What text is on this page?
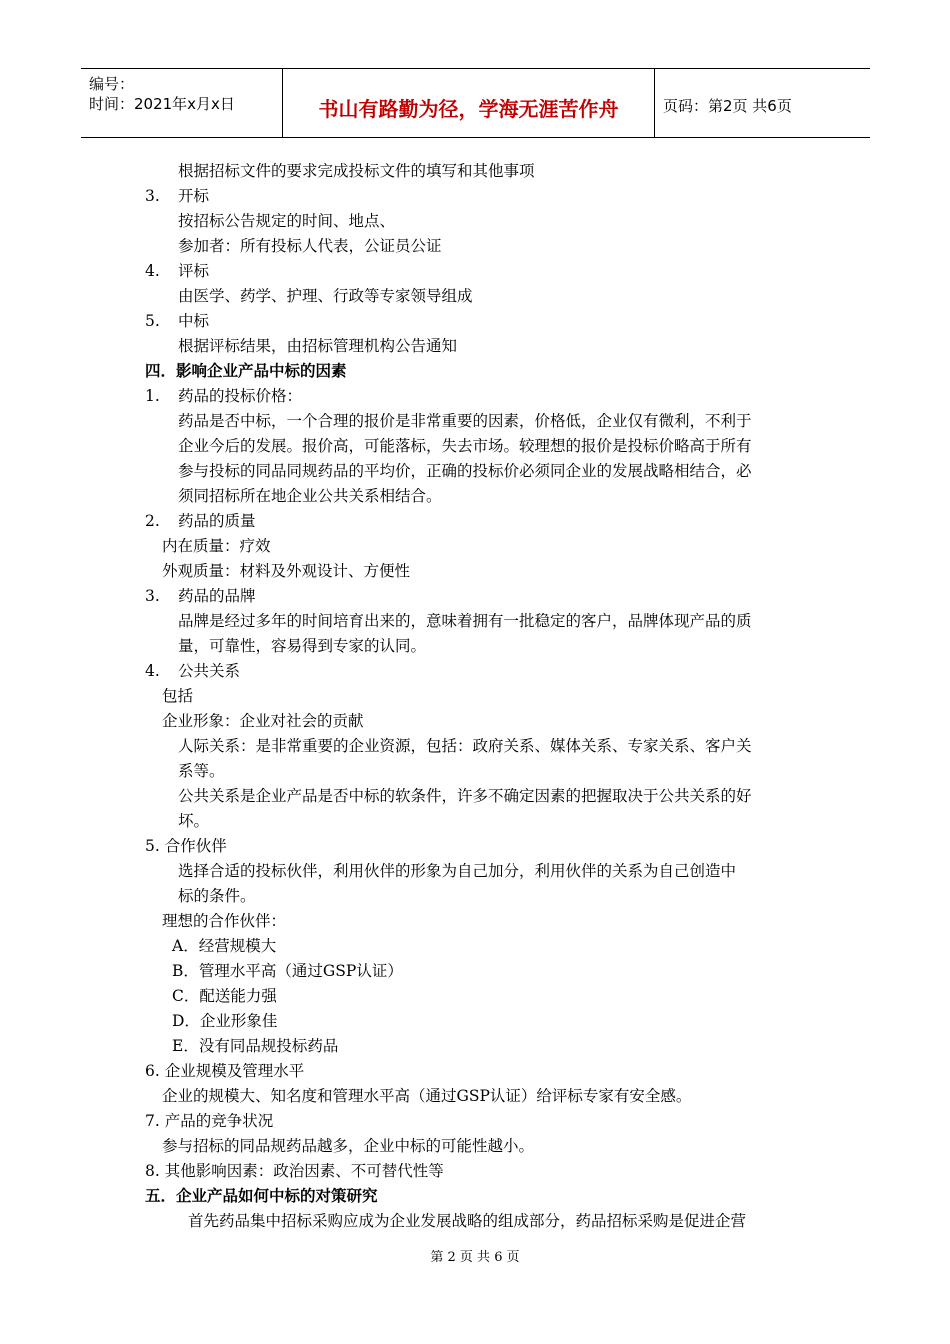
编号：
时间：2021年x月x日	书山有路勤为径，学海无涯苦作舟	页码：第2页 共6页
根据招标文件的要求完成投标文件的填写和其他事项
3. 开标
按招标公告规定的时间、地点、
参加者：所有投标人代表，公证员公证
4. 评标
由医学、药学、护理、行政等专家领导组成
5. 中标
根据评标结果，由招标管理机构公告通知
四．影响企业产品中标的因素
1. 药品的投标价格：
药品是否中标，一个合理的报价是非常重要的因素，价格低，企业仅有微利，不利于
企业今后的发展。报价高，可能落标，失去市场。较理想的报价是投标价略高于所有
参与投标的同品同规药品的平均价，正确的投标价必须同企业的发展战略相结合，必
须同招标所在地企业公共关系相结合。
2. 药品的质量
内在质量：疗效
外观质量：材料及外观设计、方便性
3. 药品的品牌
品牌是经过多年的时间培育出来的，意味着拥有一批稳定的客户，品牌体现产品的质
量，可靠性，容易得到专家的认同。
4. 公共关系
包括
企业形象：企业对社会的贡献
人际关系：是非常重要的企业资源，包括：政府关系、媒体关系、专家关系、客户关
系等。
公共关系是企业产品是否中标的软条件，许多不确定因素的把握取决于公共关系的好
坏。
5. 合作伙伴
选择合适的投标伙伴，利用伙伴的形象为自己加分，利用伙伴的关系为自己创造中
标的条件。
理想的合作伙伴：
A．经营规模大
B．管理水平高（通过GSP认证）
C．配送能力强
D．企业形象佳
E．没有同品规投标药品
6. 企业规模及管理水平
企业的规模大、知名度和管理水平高（通过GSP认证）给评标专家有安全感。
7. 产品的竞争状况
参与招标的同品规药品越多，企业中标的可能性越小。
8. 其他影响因素：政治因素、不可替代性等
五．企业产品如何中标的对策研究
首先药品集中招标采购应成为企业发展战略的组成部分，药品招标采购是促进企营
第 2 页 共 6 页
